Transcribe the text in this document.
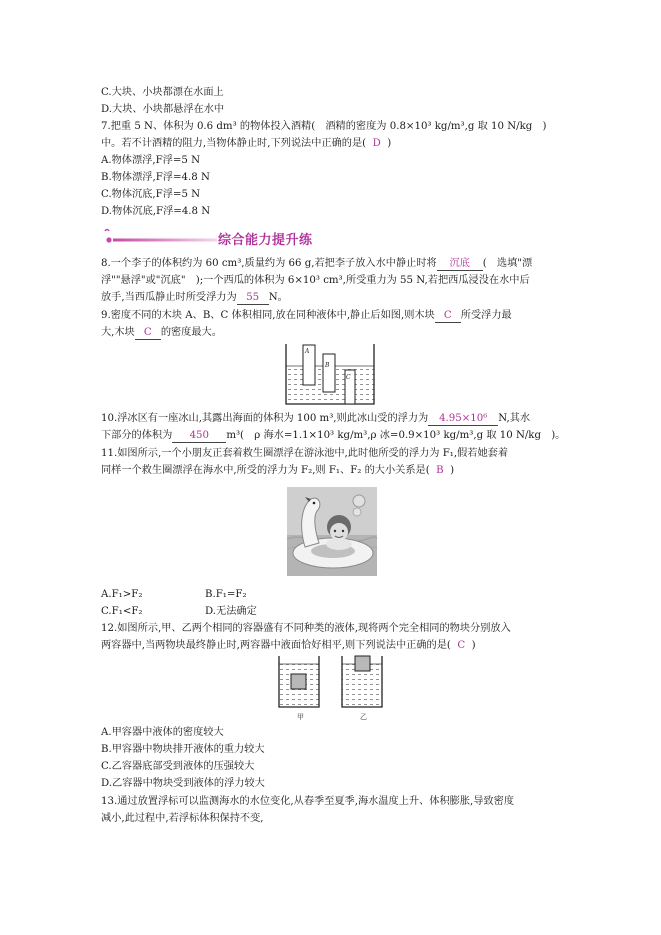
C.大块、小块都漂在水面上
D.大块、小块都悬浮在水中
7.把重 5 N、体积为 0.6 dm³ 的物体投入酒精(　酒精的密度为 0.8×10³ kg/m³,g 取 10 N/kg　)
中。若不计酒精的阻力,当物体静止时,下列说法中正确的是( D )
A.物体漂浮,F浮=5 N
B.物体漂浮,F浮=4.8 N
C.物体沉底,F浮=5 N
D.物体沉底,F浮=4.8 N
综合能力提升练
8.一个李子的体积约为 60 cm³,质量约为 66 g,若把李子放入水中静止时将 沉底 (　选填"漂
浮""悬浮"或"沉底"　);一个西瓜的体积为 6×10³ cm³,所受重力为 55 N,若把西瓜浸没在水中后
放手,当西瓜静止时所受浮力为 55 N。
9.密度不同的木块 A、B、C 体积相同,放在同种液体中,静止后如图,则木块 C 所受浮力最
大,木块 C 的密度最大。
A
B
C
10.浮冰区有一座冰山,其露出海面的体积为 100 m³,则此冰山受的浮力为 4.95×10⁶ N,其水
下部分的体积为 450 m³(　ρ 海水=1.1×10³ kg/m³,ρ 冰=0.9×10³ kg/m³,g 取 10 N/kg　)。
11.如图所示,一个小朋友正套着救生圈漂浮在游泳池中,此时他所受的浮力为 F₁,假若她套着
同样一个救生圈漂浮在海水中,所受的浮力为 F₂,则 F₁、F₂ 的大小关系是( B )
A.F₁>F₂	B.F₁=F₂
C.F₁<F₂	D.无法确定
12.如图所示,甲、乙两个相同的容器盛有不同种类的液体,现将两个完全相同的物块分别放入
两容器中,当两物块最终静止时,两容器中液面恰好相平,则下列说法中正确的是( C )
甲	乙
A.甲容器中液体的密度较大
B.甲容器中物块排开液体的重力较大
C.乙容器底部受到液体的压强较大
D.乙容器中物块受到液体的浮力较大
13.通过放置浮标可以监测海水的水位变化,从春季至夏季,海水温度上升、体积膨胀,导致密度
减小,此过程中,若浮标体积保持不变,
